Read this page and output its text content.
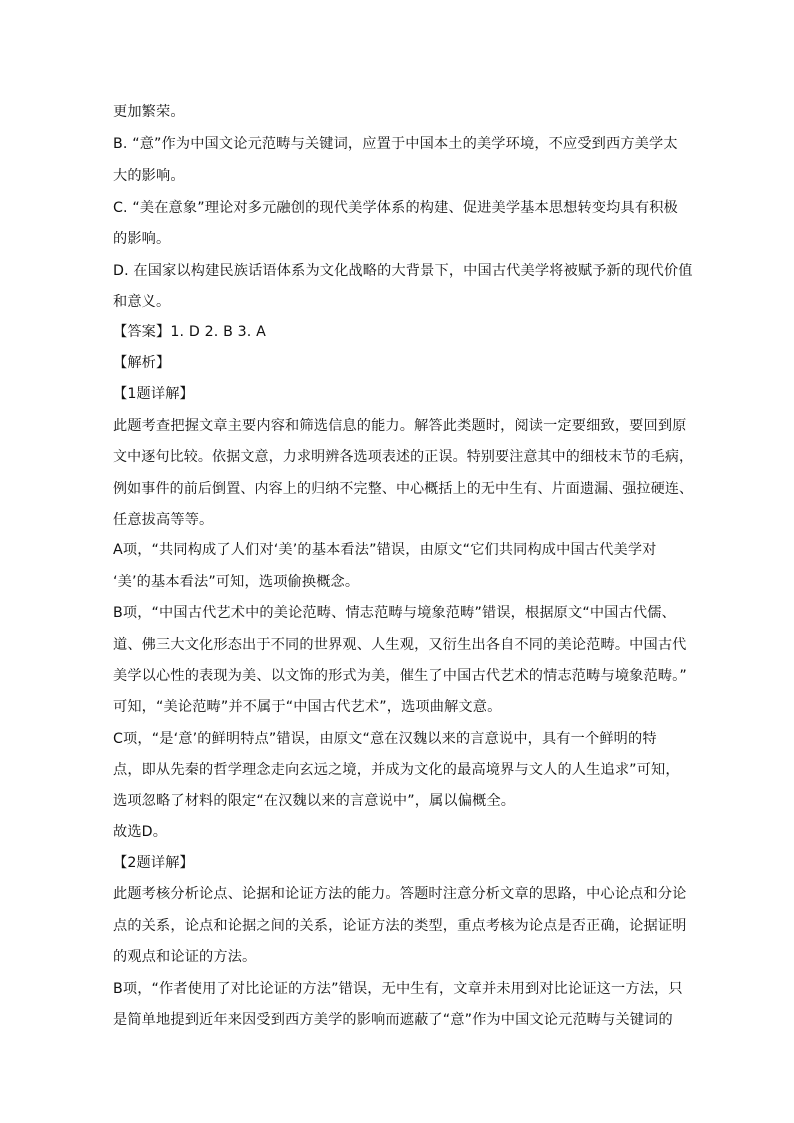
更加繁荣。
B. “意”作为中国文论元范畴与关键词，应置于中国本土的美学环境，不应受到西方美学太
大的影响。
C. “美在意象”理论对多元融创的现代美学体系的构建、促进美学基本思想转变均具有积极
的影响。
D. 在国家以构建民族话语体系为文化战略的大背景下，中国古代美学将被赋予新的现代价值
和意义。
【答案】1. D 2. B 3. A
【解析】
【1题详解】
此题考查把握文章主要内容和筛选信息的能力。解答此类题时，阅读一定要细致，要回到原
文中逐句比较。依据文意，力求明辨各选项表述的正误。特别要注意其中的细枝末节的毛病，
例如事件的前后倒置、内容上的归纳不完整、中心概括上的无中生有、片面遗漏、强拉硬连、
任意拔高等等。
A项，“共同构成了人们对‘美’的基本看法”错误，由原文“它们共同构成中国古代美学对
‘美’的基本看法”可知，选项偷换概念。
B项，“中国古代艺术中的美论范畴、情志范畴与境象范畴”错误，根据原文“中国古代儒、
道、佛三大文化形态出于不同的世界观、人生观，又衍生出各自不同的美论范畴。中国古代
美学以心性的表现为美、以文饰的形式为美，催生了中国古代艺术的情志范畴与境象范畴。”
可知，“美论范畴”并不属于“中国古代艺术”，选项曲解文意。
C项，“是‘意’的鲜明特点”错误，由原文“意在汉魏以来的言意说中，具有一个鲜明的特
点，即从先秦的哲学理念走向玄远之境，并成为文化的最高境界与文人的人生追求”可知，
选项忽略了材料的限定“在汉魏以来的言意说中”，属以偏概全。
故选D。
【2题详解】
此题考核分析论点、论据和论证方法的能力。答题时注意分析文章的思路，中心论点和分论
点的关系，论点和论据之间的关系，论证方法的类型，重点考核为论点是否正确，论据证明
的观点和论证的方法。
B项，“作者使用了对比论证的方法”错误，无中生有，文章并未用到对比论证这一方法，只
是简单地提到近年来因受到西方美学的影响而遮蔽了“意”作为中国文论元范畴与关键词的
